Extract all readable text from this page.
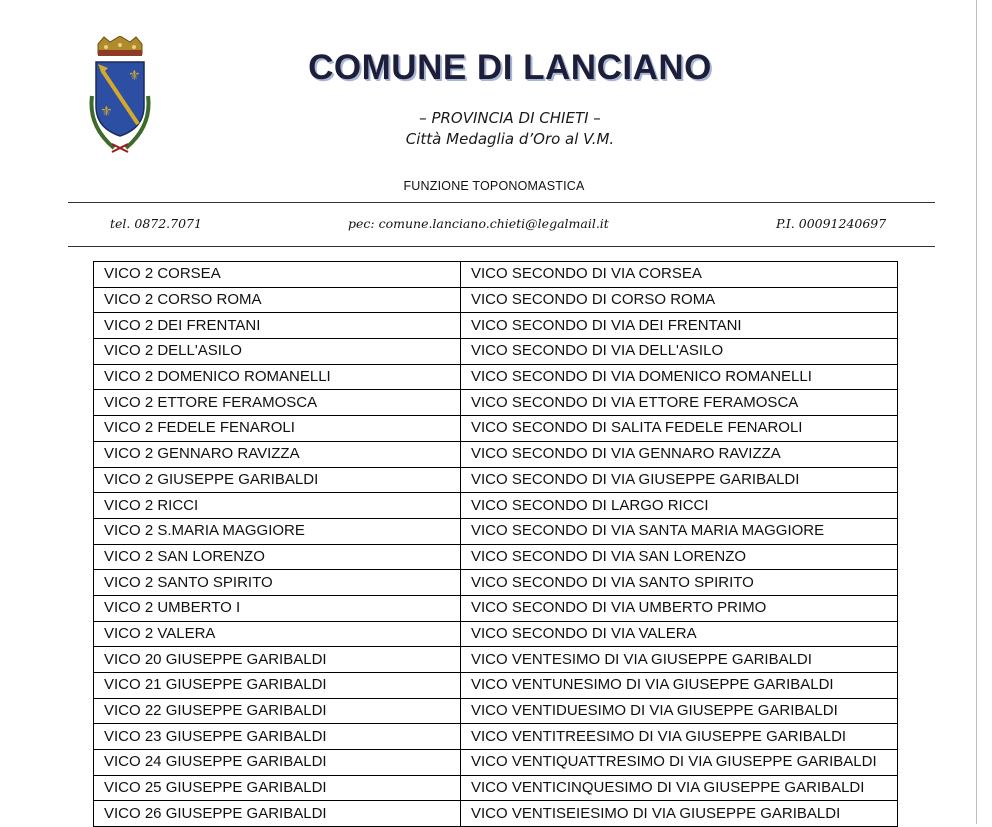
⚜
⚜
COMUNE DI LANCIANO
– PROVINCIA DI CHIETI –
Città Medaglia d’Oro al V.M.
FUNZIONE TOPONOMASTICA
tel. 0872.7071	pec: comune.lanciano.chieti@legalmail.it	P.I. 00091240697
VICO 2 CORSEA	VICO SECONDO DI VIA CORSEA
VICO 2 CORSO ROMA	VICO SECONDO DI CORSO ROMA
VICO 2 DEI FRENTANI	VICO SECONDO DI VIA DEI FRENTANI
VICO 2 DELL'ASILO	VICO SECONDO DI VIA DELL'ASILO
VICO 2 DOMENICO ROMANELLI	VICO SECONDO DI VIA DOMENICO ROMANELLI
VICO 2 ETTORE FERAMOSCA	VICO SECONDO DI VIA ETTORE FERAMOSCA
VICO 2 FEDELE FENAROLI	VICO SECONDO DI SALITA FEDELE FENAROLI
VICO 2 GENNARO RAVIZZA	VICO SECONDO DI VIA GENNARO RAVIZZA
VICO 2 GIUSEPPE GARIBALDI	VICO SECONDO DI VIA GIUSEPPE GARIBALDI
VICO 2 RICCI	VICO SECONDO DI LARGO RICCI
VICO 2 S.MARIA MAGGIORE	VICO SECONDO DI VIA SANTA MARIA MAGGIORE
VICO 2 SAN LORENZO	VICO SECONDO DI VIA SAN LORENZO
VICO 2 SANTO SPIRITO	VICO SECONDO DI VIA SANTO SPIRITO
VICO 2 UMBERTO I	VICO SECONDO DI VIA UMBERTO PRIMO
VICO 2 VALERA	VICO SECONDO DI VIA VALERA
VICO 20 GIUSEPPE GARIBALDI	VICO VENTESIMO DI VIA GIUSEPPE GARIBALDI
VICO 21 GIUSEPPE GARIBALDI	VICO VENTUNESIMO DI VIA GIUSEPPE GARIBALDI
VICO 22 GIUSEPPE GARIBALDI	VICO VENTIDUESIMO DI VIA GIUSEPPE GARIBALDI
VICO 23 GIUSEPPE GARIBALDI	VICO VENTITREESIMO DI VIA GIUSEPPE GARIBALDI
VICO 24 GIUSEPPE GARIBALDI	VICO VENTIQUATTRESIMO DI VIA GIUSEPPE GARIBALDI
VICO 25 GIUSEPPE GARIBALDI	VICO VENTICINQUESIMO DI VIA GIUSEPPE GARIBALDI
VICO 26 GIUSEPPE GARIBALDI	VICO VENTISEIESIMO DI VIA GIUSEPPE GARIBALDI
